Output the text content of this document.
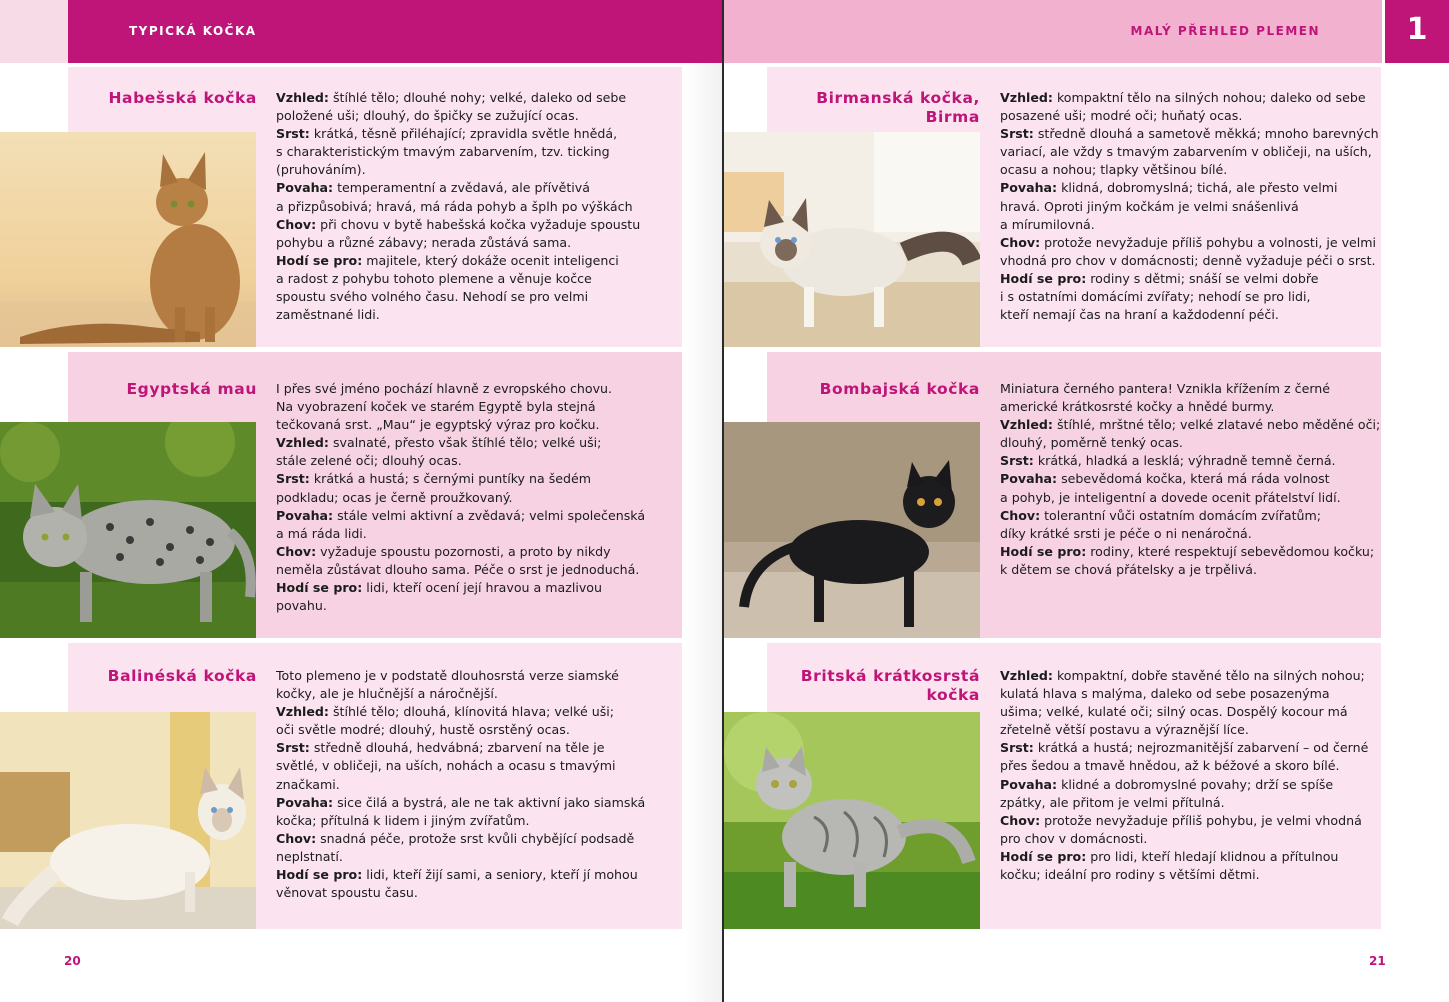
TYPICKÁ KOČKA	MALÝ PŘEHLED PLEMEN	1
Habešská kočka Vzhled: štíhlé tělo; dlouhé nohy; velké, daleko od sebe
položené uši; dlouhý, do špičky se zužující ocas.
Srst: krátká, těsně přiléhající; zpravidla světle hnědá,
s charakteristickým tmavým zabarvením, tzv. ticking
(pruhováním).
Povaha: temperamentní a zvědavá, ale přívětivá
a přizpůsobivá; hravá, má ráda pohyb a šplh po výškách
Chov: při chovu v bytě habešská kočka vyžaduje spoustu
pohybu a různé zábavy; nerada zůstává sama.
Hodí se pro: majitele, který dokáže ocenit inteligenci
a radost z pohybu tohoto plemene a věnuje kočce
spoustu svého volného času. Nehodí se pro velmi
zaměstnané lidi.
Egyptská mau I přes své jméno pochází hlavně z evropského chovu.
Na vyobrazení koček ve starém Egyptě byla stejná
tečkovaná srst. „Mau“ je egyptský výraz pro kočku.
Vzhled: svalnaté, přesto však štíhlé tělo; velké uši;
stále zelené oči; dlouhý ocas.
Srst: krátká a hustá; s černými puntíky na šedém
podkladu; ocas je černě proužkovaný.
Povaha: stále velmi aktivní a zvědavá; velmi společenská
a má ráda lidi.
Chov: vyžaduje spoustu pozornosti, a proto by nikdy
neměla zůstávat dlouho sama. Péče o srst je jednoduchá.
Hodí se pro: lidi, kteří ocení její hravou a mazlivou
povahu.
Balinéská kočka Toto plemeno je v podstatě dlouhosrstá verze siamské
kočky, ale je hlučnější a náročnější.
Vzhled: štíhlé tělo; dlouhá, klínovitá hlava; velké uši;
oči světle modré; dlouhý, hustě osrstěný ocas.
Srst: středně dlouhá, hedvábná; zbarvení na těle je
světlé, v obličeji, na uších, nohách a ocasu s tmavými
značkami.
Povaha: sice čilá a bystrá, ale ne tak aktivní jako siamská
kočka; přítulná k lidem i jiným zvířatům.
Chov: snadná péče, protože srst kvůli chybějící podsadě
neplstnatí.
Hodí se pro: lidi, kteří žijí sami, a seniory, kteří jí mohou
věnovat spoustu času.
Birmanská kočka,
Birma
Vzhled: kompaktní tělo na silných nohou; daleko od sebe
posazené uši; modré oči; huňatý ocas.
Srst: středně dlouhá a sametově měkká; mnoho barevných
variací, ale vždy s tmavým zabarvením v obličeji, na uších,
ocasu a nohou; tlapky většinou bílé.
Povaha: klidná, dobromyslná; tichá, ale přesto velmi
hravá. Oproti jiným kočkám je velmi snášenlivá
a mírumilovná.
Chov: protože nevyžaduje příliš pohybu a volnosti, je velmi
vhodná pro chov v domácnosti; denně vyžaduje péči o srst.
Hodí se pro: rodiny s dětmi; snáší se velmi dobře
i s ostatními domácími zvířaty; nehodí se pro lidi,
kteří nemají čas na hraní a každodenní péči.
Bombajská kočka Miniatura černého pantera! Vznikla křížením z černé
americké krátkosrsté kočky a hnědé burmy.
Vzhled: štíhlé, mrštné tělo; velké zlatavé nebo měděné oči;
dlouhý, poměrně tenký ocas.
Srst: krátká, hladká a lesklá; výhradně temně černá.
Povaha: sebevědomá kočka, která má ráda volnost
a pohyb, je inteligentní a dovede ocenit přátelství lidí.
Chov: tolerantní vůči ostatním domácím zvířatům;
díky krátké srsti je péče o ni nenáročná.
Hodí se pro: rodiny, které respektují sebevědomou kočku;
k dětem se chová přátelsky a je trpělivá.
Britská krátkosrstá
kočka
Vzhled: kompaktní, dobře stavěné tělo na silných nohou;
kulatá hlava s malýma, daleko od sebe posazenýma
ušima; velké, kulaté oči; silný ocas. Dospělý kocour má
zřetelně větší postavu a výraznější líce.
Srst: krátká a hustá; nejrozmanitější zabarvení – od černé
přes šedou a tmavě hnědou, až k béžové a skoro bílé.
Povaha: klidné a dobromyslné povahy; drží se spíše
zpátky, ale přitom je velmi přítulná.
Chov: protože nevyžaduje příliš pohybu, je velmi vhodná
pro chov v domácnosti.
Hodí se pro: pro lidi, kteří hledají klidnou a přítulnou
kočku; ideální pro rodiny s většími dětmi.
20	21
